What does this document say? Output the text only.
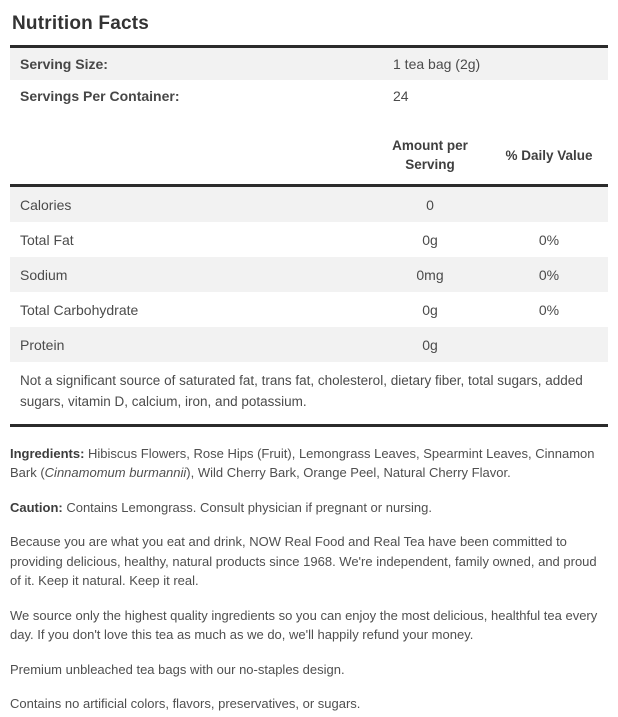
Nutrition Facts
Serving Size:	1 tea bag (2g)
Servings Per Container:	24
Amount per Serving
% Daily Value
Calories	0
Total Fat	0g	0%
Sodium	0mg	0%
Total Carbohydrate	0g	0%
Protein	0g

Not a significant source of saturated fat, trans fat, cholesterol, dietary fiber, total sugars, added sugars, vitamin D, calcium, iron, and potassium.

Ingredients: Hibiscus Flowers, Rose Hips (Fruit), Lemongrass Leaves, Spearmint Leaves, Cinnamon Bark (Cinnamomum burmannii), Wild Cherry Bark, Orange Peel, Natural Cherry Flavor.

Caution: Contains Lemongrass. Consult physician if pregnant or nursing.

Because you are what you eat and drink, NOW Real Food and Real Tea have been committed to providing delicious, healthy, natural products since 1968. We're independent, family owned, and proud of it. Keep it natural. Keep it real.

We source only the highest quality ingredients so you can enjoy the most delicious, healthful tea every day. If you don't love this tea as much as we do, we'll happily refund your money.

Premium unbleached tea bags with our no-staples design.

Contains no artificial colors, flavors, preservatives, or sugars.
